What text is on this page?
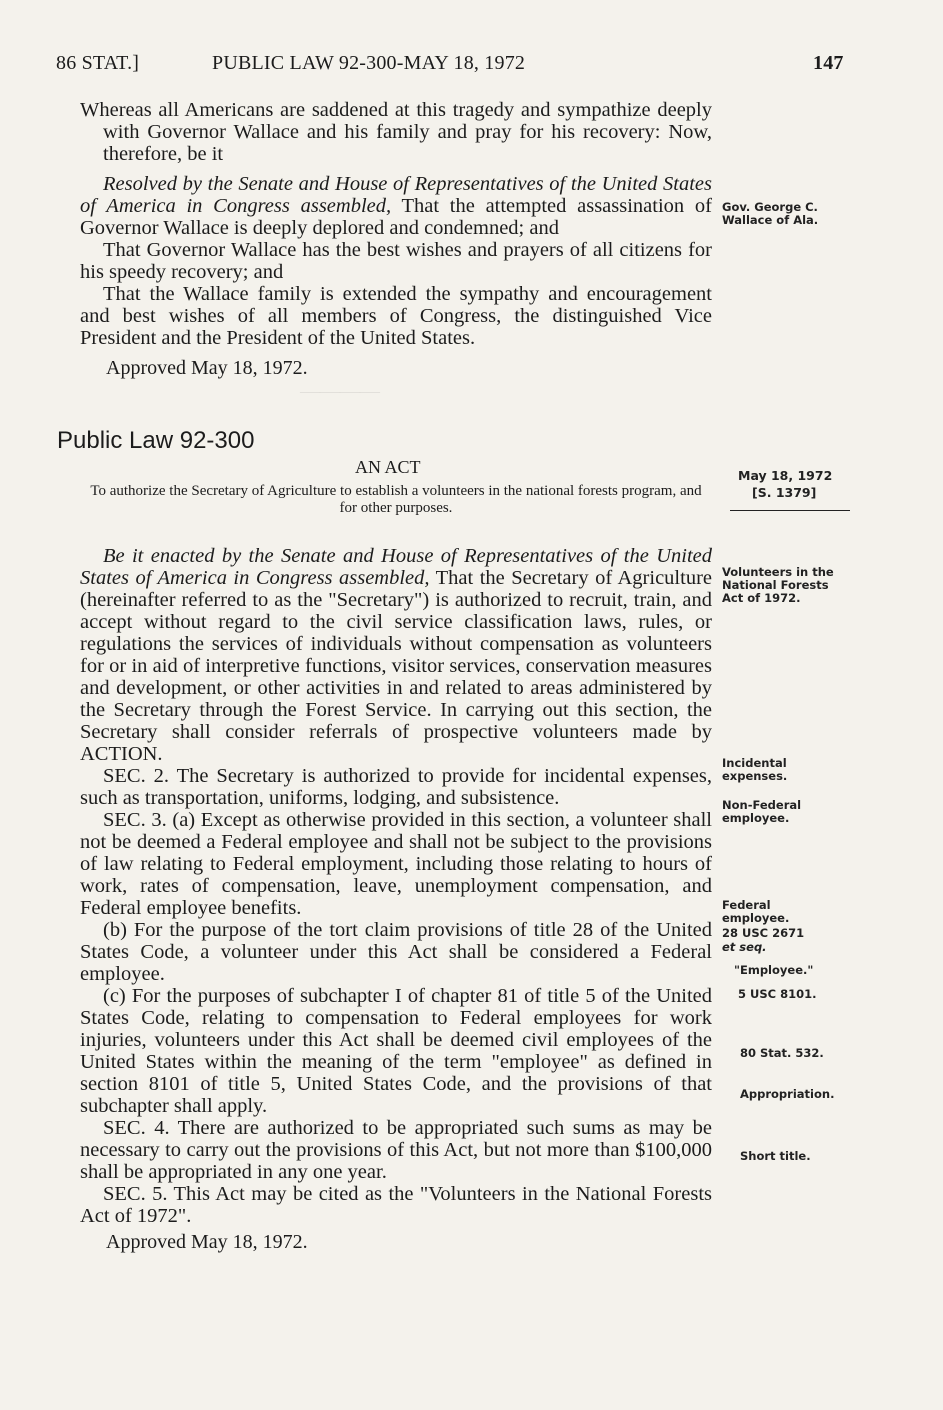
――――
86 STAT.]	PUBLIC LAW 92-300-MAY 18, 1972	147

Whereas all Americans are saddened at this tragedy and sympathize deeply with Governor Wallace and his family and pray for his recovery: Now, therefore, be it

Resolved by the Senate and House of Representatives of the United States of America in Congress assembled, That the attempted assassination of Governor Wallace is deeply deplored and condemned; and

That Governor Wallace has the best wishes and prayers of all citizens for his speedy recovery; and

That the Wallace family is extended the sympathy and encouragement and best wishes of all members of Congress, the distinguished Vice President and the President of the United States.

Approved May 18, 1972.

Public Law 92-300
AN ACT
To authorize the Secretary of Agriculture to establish a volunteers in the national forests program, and for other purposes.

Be it enacted by the Senate and House of Representatives of the United States of America in Congress assembled, That the Secretary of Agriculture (hereinafter referred to as the "Secretary") is authorized to recruit, train, and accept without regard to the civil service classification laws, rules, or regulations the services of individuals without compensation as volunteers for or in aid of interpretive functions, visitor services, conservation measures and development, or other activities in and related to areas administered by the Secretary through the Forest Service. In carrying out this section, the Secretary shall consider referrals of prospective volunteers made by ACTION.

SEC. 2. The Secretary is authorized to provide for incidental expenses, such as transportation, uniforms, lodging, and subsistence.

SEC. 3. (a) Except as otherwise provided in this section, a volunteer shall not be deemed a Federal employee and shall not be subject to the provisions of law relating to Federal employment, including those relating to hours of work, rates of compensation, leave, unemployment compensation, and Federal employee benefits.

(b) For the purpose of the tort claim provisions of title 28 of the United States Code, a volunteer under this Act shall be considered a Federal employee.

(c) For the purposes of subchapter I of chapter 81 of title 5 of the United States Code, relating to compensation to Federal employees for work injuries, volunteers under this Act shall be deemed civil employees of the United States within the meaning of the term "employee" as defined in section 8101 of title 5, United States Code, and the provisions of that subchapter shall apply.

SEC. 4. There are authorized to be appropriated such sums as may be necessary to carry out the provisions of this Act, but not more than $100,000 shall be appropriated in any one year.

SEC. 5. This Act may be cited as the "Volunteers in the National Forests Act of 1972".

Approved May 18, 1972.

Gov. George C. Wallace of Ala.
May 18, 1972
[S. 1379]
Volunteers in the National Forests Act of 1972.
Incidental expenses.
Non-Federal employee.
Federal employee.
28 USC 2671
et seq.
"Employee."
5 USC 8101.
80 Stat. 532.
Appropriation.
Short title.
